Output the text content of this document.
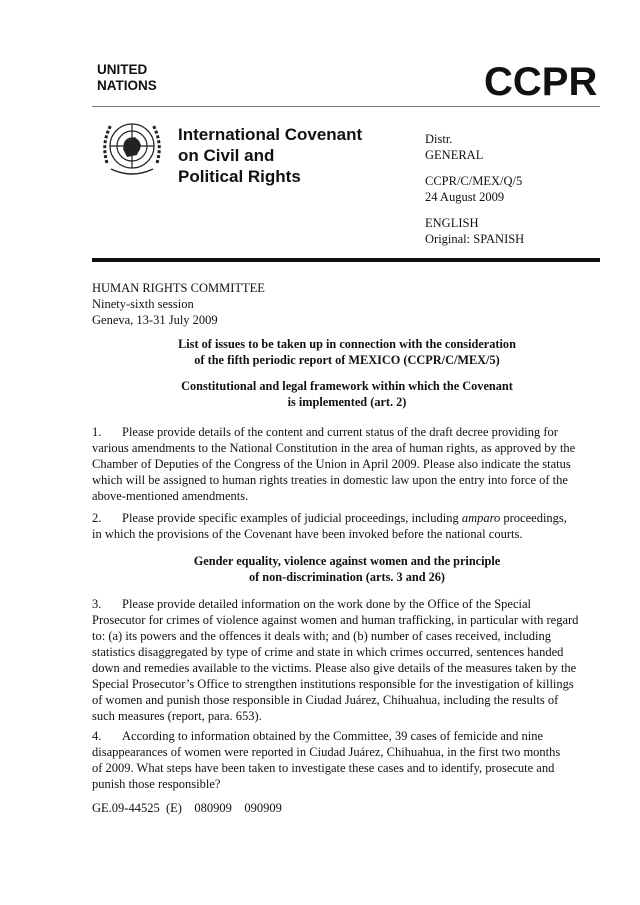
UNITED
NATIONS	CCPR
International Covenant
on Civil and
Political Rights
Distr.
GENERAL
CCPR/C/MEX/Q/5
24 August 2009
ENGLISH
Original: SPANISH
HUMAN RIGHTS COMMITTEE
Ninety-sixth session
Geneva, 13-31 July 2009
List of issues to be taken up in connection with the consideration
of the fifth periodic report of MEXICO (CCPR/C/MEX/5)
Constitutional and legal framework within which the Covenant
is implemented (art. 2)
1. Please provide details of the content and current status of the draft decree providing for
various amendments to the National Constitution in the area of human rights, as approved by the
Chamber of Deputies of the Congress of the Union in April 2009. Please also indicate the status
which will be assigned to human rights treaties in domestic law upon the entry into force of the
above-mentioned amendments.
2. Please provide specific examples of judicial proceedings, including amparo proceedings,
in which the provisions of the Covenant have been invoked before the national courts.
Gender equality, violence against women and the principle
of non-discrimination (arts. 3 and 26)
3. Please provide detailed information on the work done by the Office of the Special
Prosecutor for crimes of violence against women and human trafficking, in particular with regard
to: (a) its powers and the offences it deals with; and (b) number of cases received, including
statistics disaggregated by type of crime and state in which crimes occurred, sentences handed
down and remedies available to the victims. Please also give details of the measures taken by the
Special Prosecutor’s Office to strengthen institutions responsible for the investigation of killings
of women and punish those responsible in Ciudad Juárez, Chihuahua, including the results of
such measures (report, para. 653).
4. According to information obtained by the Committee, 39 cases of femicide and nine
disappearances of women were reported in Ciudad Juárez, Chihuahua, in the first two months
of 2009. What steps have been taken to investigate these cases and to identify, prosecute and
punish those responsible?
GE.09-44525  (E)    080909    090909
